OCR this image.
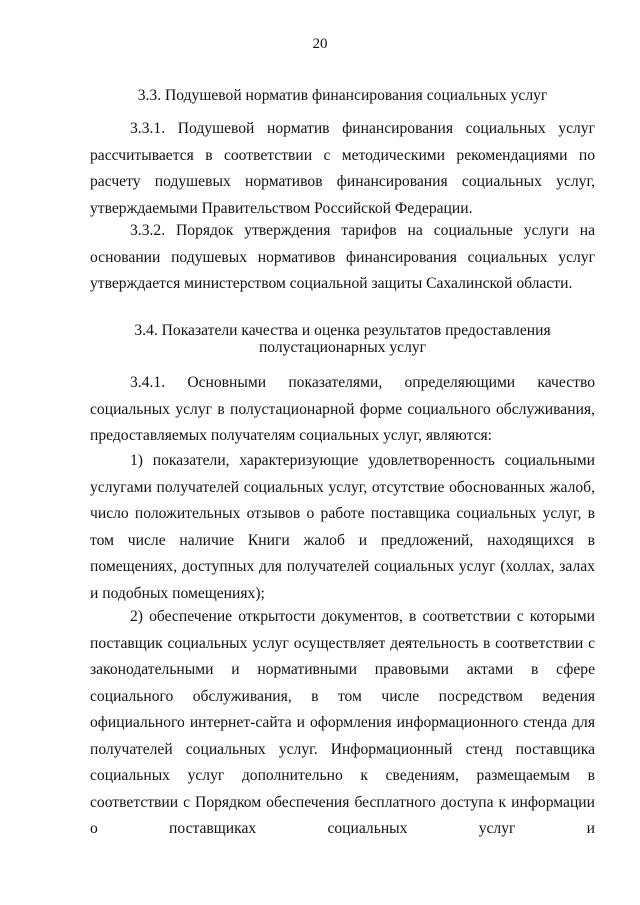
20
3.3. Подушевой норматив финансирования социальных услуг

3.3.1. Подушевой норматив финансирования социальных услуг рассчитывается в соответствии с методическими рекомендациями по расчету подушевых нормативов финансирования социальных услуг, утверждаемыми Правительством Российской Федерации.

3.3.2. Порядок утверждения тарифов на социальные услуги на основании подушевых нормативов финансирования социальных услуг утверждается министерством социальной защиты Сахалинской области.

3.4. Показатели качества и оценка результатов предоставления
полустационарных услуг

3.4.1. Основными показателями, определяющими качество социальных услуг в полустационарной форме социального обслуживания, предоставляемых получателям социальных услуг, являются:

1) показатели, характеризующие удовлетворенность социальными услугами получателей социальных услуг, отсутствие обоснованных жалоб, число положительных отзывов о работе поставщика социальных услуг, в том числе наличие Книги жалоб и предложений, находящихся в помещениях, доступных для получателей социальных услуг (холлах, залах и подобных помещениях);

2) обеспечение открытости документов, в соответствии с которыми поставщик социальных услуг осуществляет деятельность в соответствии с законодательными и нормативными правовыми актами в сфере социального обслуживания, в том числе посредством ведения официального интернет-сайта и оформления информационного стенда для получателей социальных услуг. Информационный стенд поставщика социальных услуг дополнительно к сведениям, размещаемым в соответствии с Порядком обеспечения бесплатного доступа к информации о поставщиках социальных услуг и
